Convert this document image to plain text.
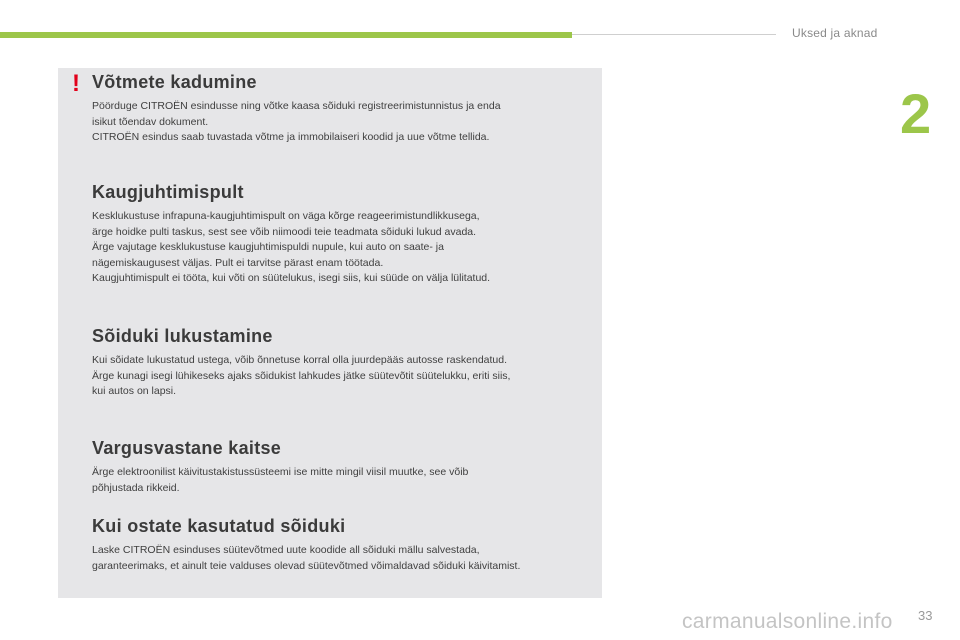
Uksed ja aknad
2
! Võtmete kadumine

Pöörduge CITROËN esindusse ning võtke kaasa sõiduki registreerimistunnistus ja enda
isikut tõendav dokument.
CITROËN esindus saab tuvastada võtme ja immobilaiseri koodid ja uue võtme tellida.

Kaugjuhtimispult

Kesklukustuse infrapuna-kaugjuhtimispult on väga kõrge reageerimistundlikkusega,
ärge hoidke pulti taskus, sest see võib niimoodi teie teadmata sõiduki lukud avada.
Ärge vajutage kesklukustuse kaugjuhtimispuldi nupule, kui auto on saate- ja
nägemiskaugusest väljas. Pult ei tarvitse pärast enam töötada.
Kaugjuhtimispult ei tööta, kui võti on süütelukus, isegi siis, kui süüde on välja lülitatud.

Sõiduki lukustamine

Kui sõidate lukustatud ustega, võib õnnetuse korral olla juurdepääs autosse raskendatud.
Ärge kunagi isegi lühikeseks ajaks sõidukist lahkudes jätke süütevõtit süütelukku, eriti siis,
kui autos on lapsi.

Vargusvastane kaitse

Ärge elektroonilist käivitustakistussüsteemi ise mitte mingil viisil muutke, see võib
põhjustada rikkeid.

Kui ostate kasutatud sõiduki

Laske CITROËN esinduses süütevõtmed uute koodide all sõiduki mällu salvestada,
garanteerimaks, et ainult teie valduses olevad süütevõtmed võimaldavad sõiduki käivitamist.

carmanualsonline.info 33
